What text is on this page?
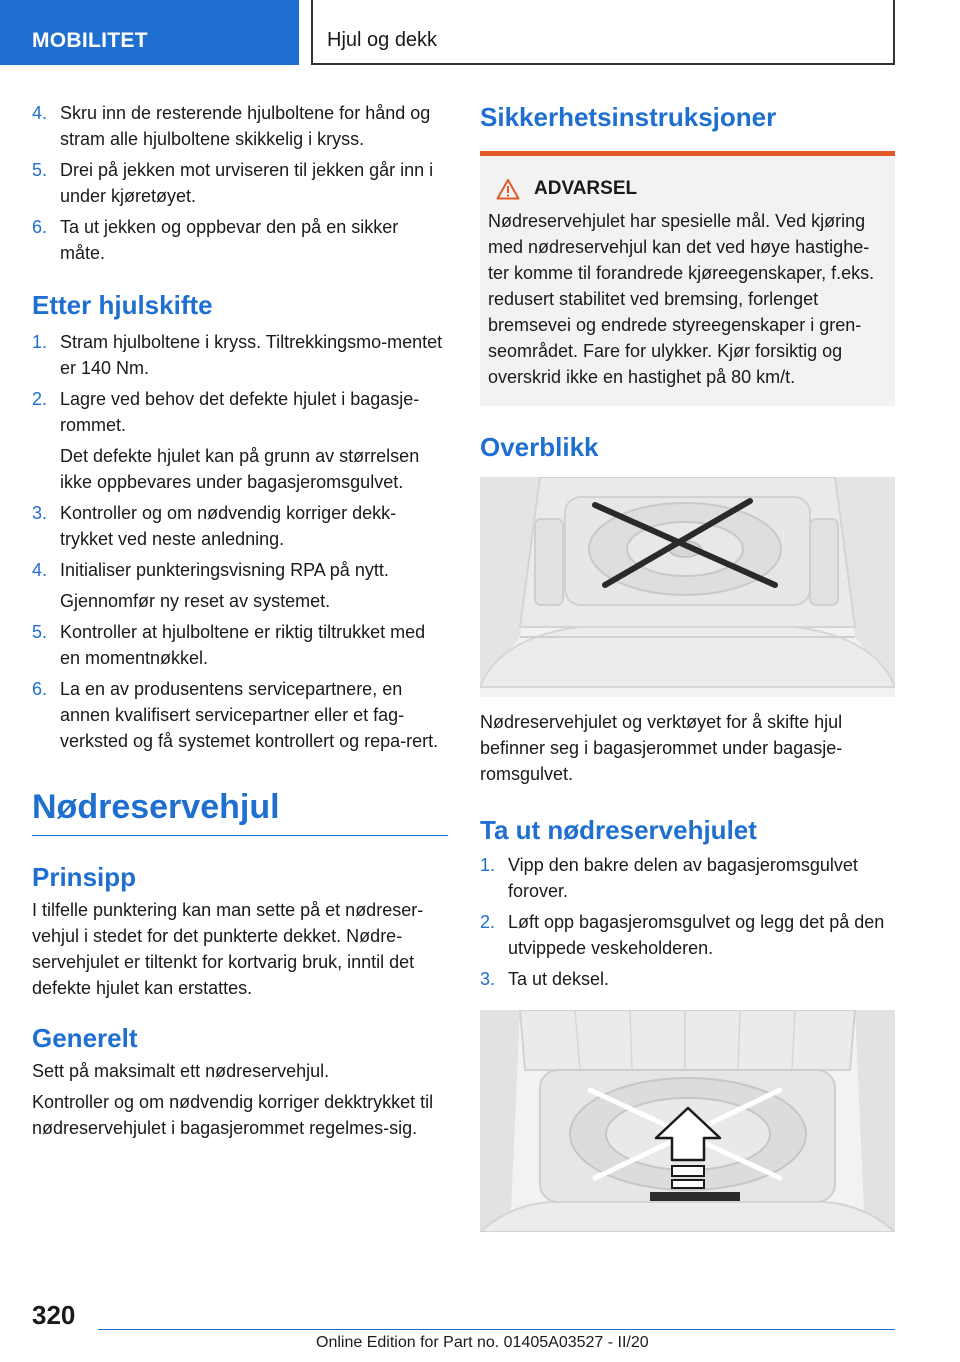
MOBILITET	Hjul og dekk
4. Skru inn de resterende hjulboltene for hånd og stram alle hjulboltene skikkelig i kryss.
5. Drei på jekken mot urviseren til jekken går inn i under kjøretøyet.
6. Ta ut jekken og oppbevar den på en sikker måte.
Etter hjulskifte
1. Stram hjulboltene i kryss. Tiltrekkingsmo‐mentet er 140 Nm.
2. Lagre ved behov det defekte hjulet i bagasje‐rommet.
Det defekte hjulet kan på grunn av størrelsen ikke oppbevares under bagasjeromsgulvet.
3. Kontroller og om nødvendig korriger dekk‐trykket ved neste anledning.
4. Initialiser punkteringsvisning RPA på nytt.
Gjennomfør ny reset av systemet.
5. Kontroller at hjulboltene er riktig tiltrukket med en momentnøkkel.
6. La en av produsentens servicepartnere, en annen kvalifisert servicepartner eller et fag‐verksted og få systemet kontrollert og repa‐rert.
Nødreservehjul
Prinsipp
I tilfelle punktering kan man sette på et nødreser‐vehjul i stedet for det punkterte dekket. Nødre‐servehjulet er tiltenkt for kortvarig bruk, inntil det defekte hjulet kan erstattes.
Generelt
Sett på maksimalt ett nødreservehjul.
Kontroller og om nødvendig korriger dekktrykket til nødreservehjulet i bagasjerommet regelmes‐sig.
Sikkerhetsinstruksjoner
ADVARSEL
Nødreservehjulet har spesielle mål. Ved kjøring med nødreservehjul kan det ved høye hastighe‐ter komme til forandrede kjøreegenskaper, f.eks. redusert stabilitet ved bremsing, forlenget bremsevei og endrede styreegenskaper i gren‐seområdet. Fare for ulykker. Kjør forsiktig og overskrid ikke en hastighet på 80 km/t.
Overblikk
Nødreservehjulet og verktøyet for å skifte hjul befinner seg i bagasjerommet under bagasje‐romsgulvet.
Ta ut nødreservehjulet
1. Vipp den bakre delen av bagasjeromsgulvet forover.
2. Løft opp bagasjeromsgulvet og legg det på den utvippede veskeholderen.
3. Ta ut deksel.
320
Online Edition for Part no. 01405A03527 - II/20
